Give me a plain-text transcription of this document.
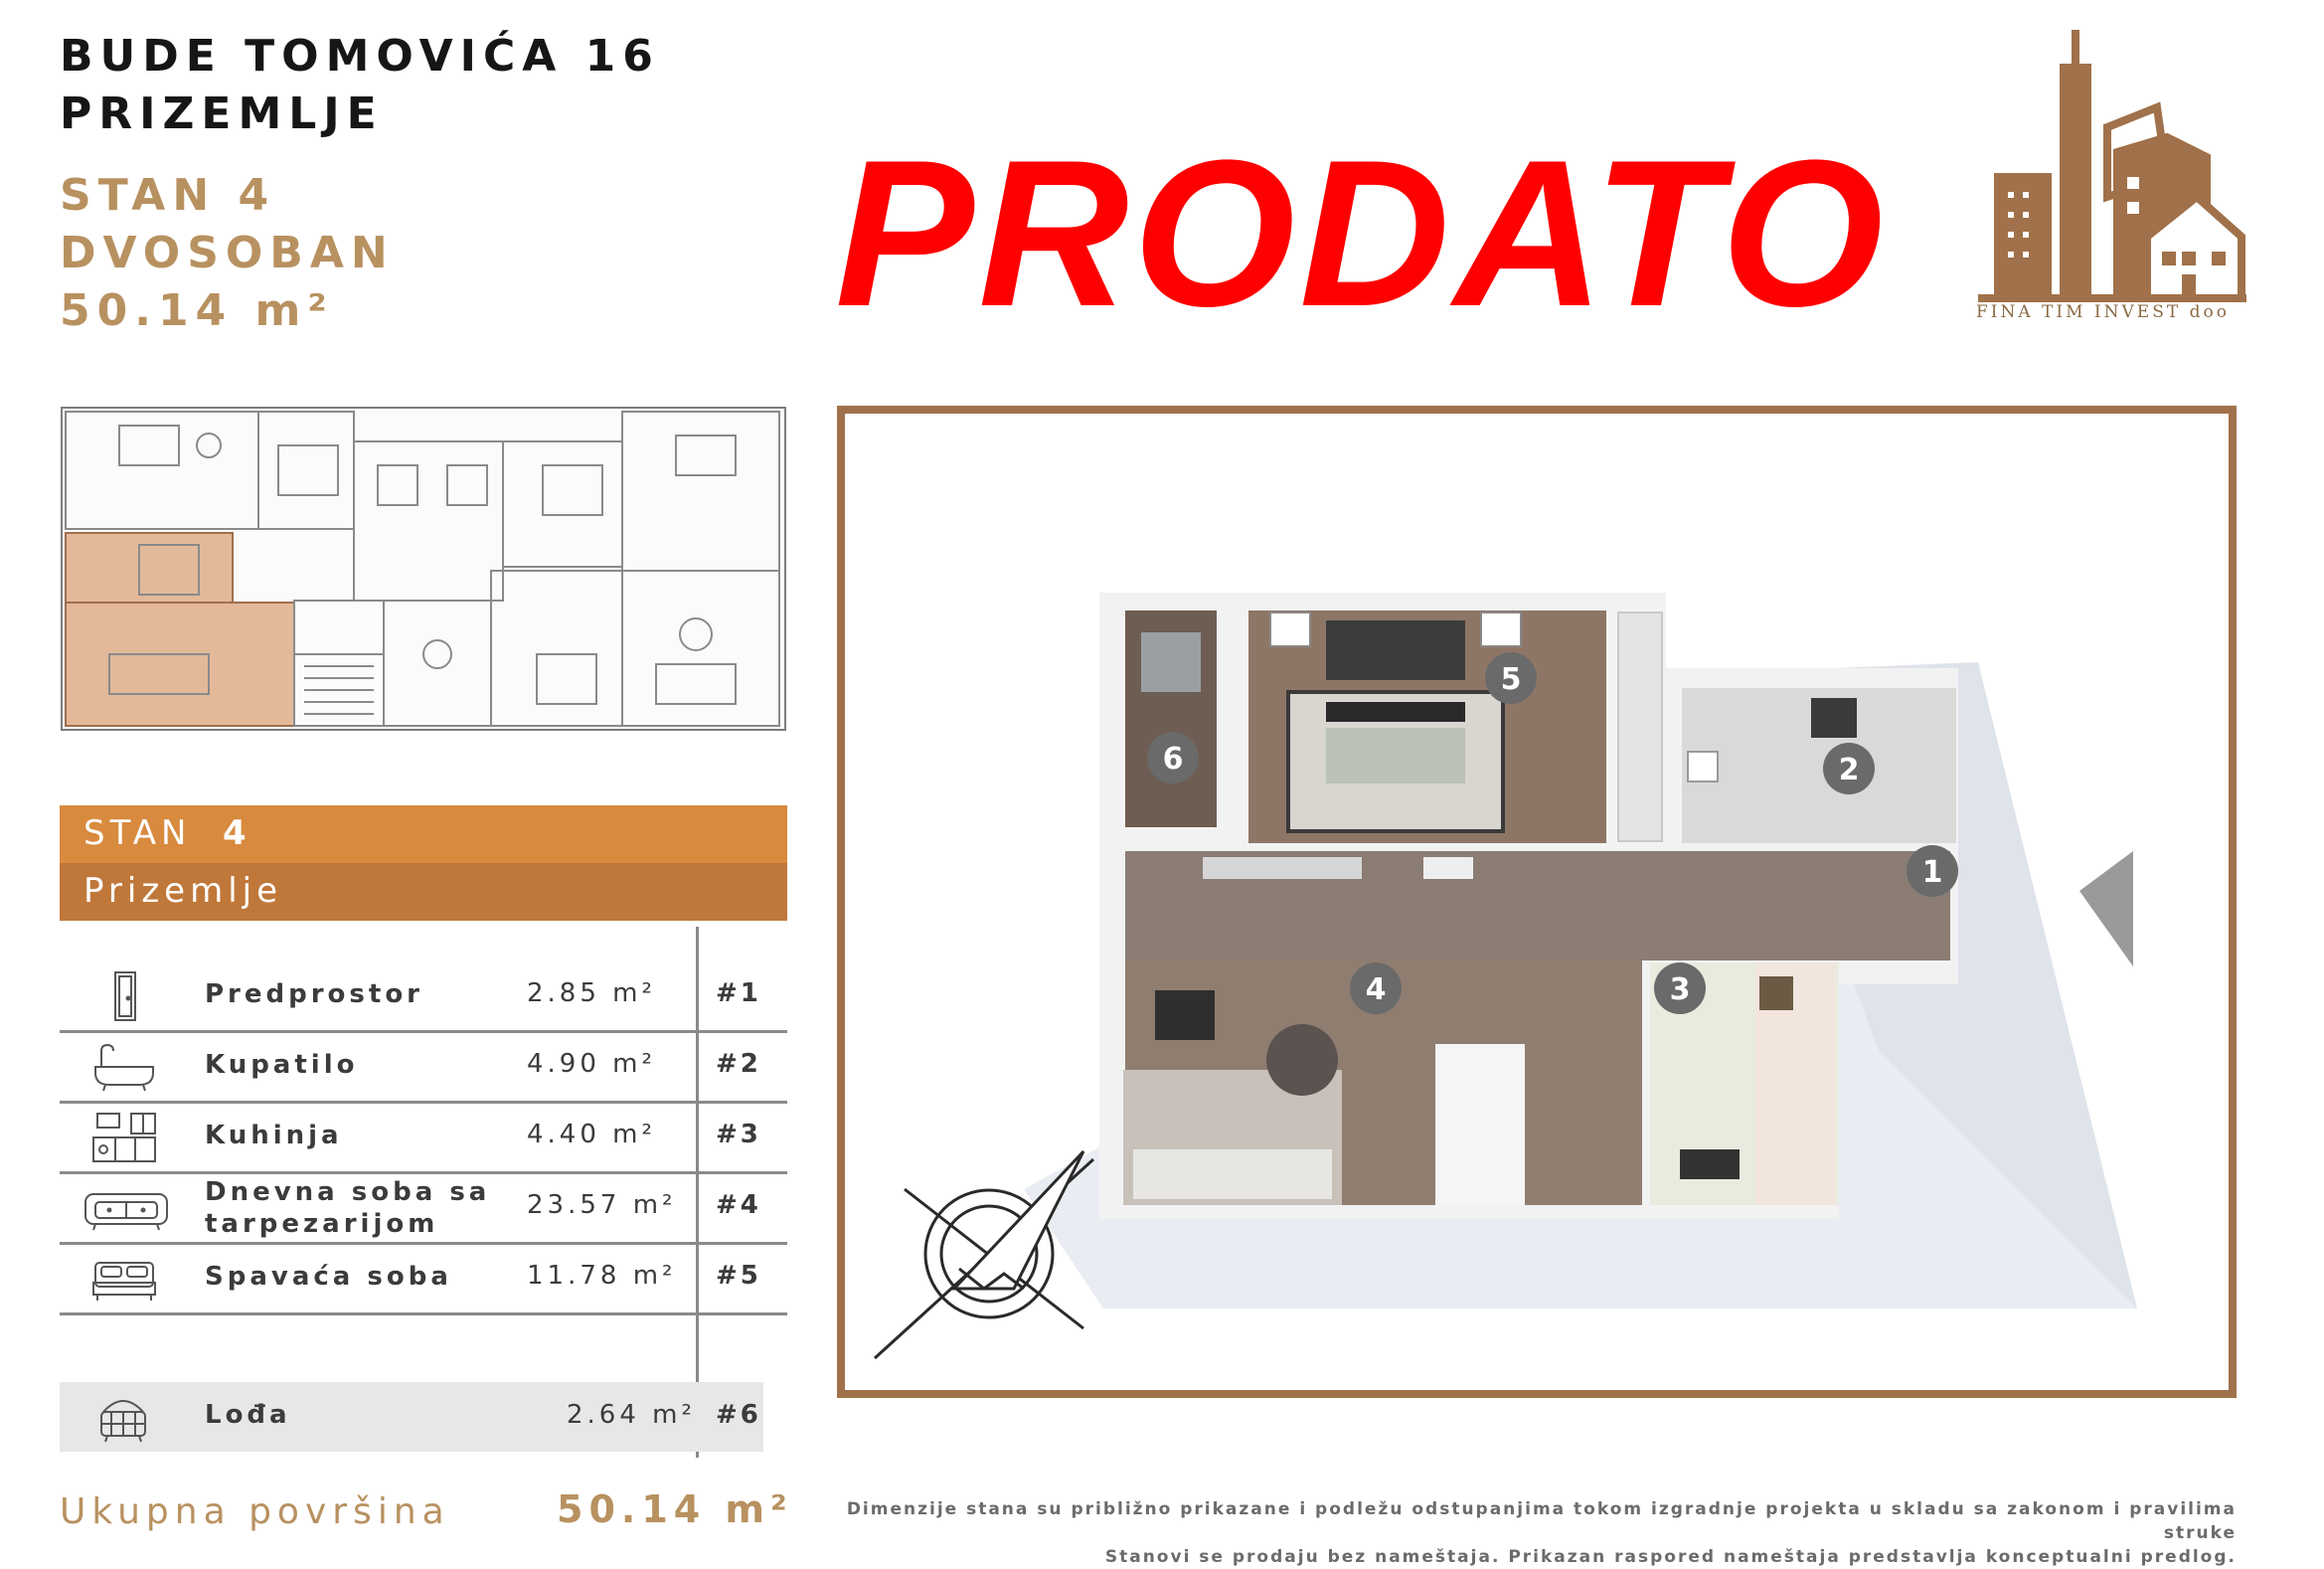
BUDE TOMOVIĆA 16
PRIZEMLJE
STAN 4
DVOSOBAN
50.14 m² PRODATO	FINA TIM INVEST doo
STAN 4
Prizemlje
Predprostor	2.85 m²	#1
Kupatilo	4.90 m²	#2
Kuhinja	4.40 m²	#3
Dnevna soba sa
tarpezarijom
23.57 m²	#4
Spavaća soba	11.78 m²	#5
Lođa	2.64 m² #6
Ukupna površina	50.14 m²
1
2
3
4
5
6
Dimenzije stana su približno prikazane i podležu odstupanjima tokom izgradnje projekta u skladu sa zakonom i pravilima struke
Stanovi se prodaju bez nameštaja. Prikazan raspored nameštaja predstavlja konceptualni predlog.
